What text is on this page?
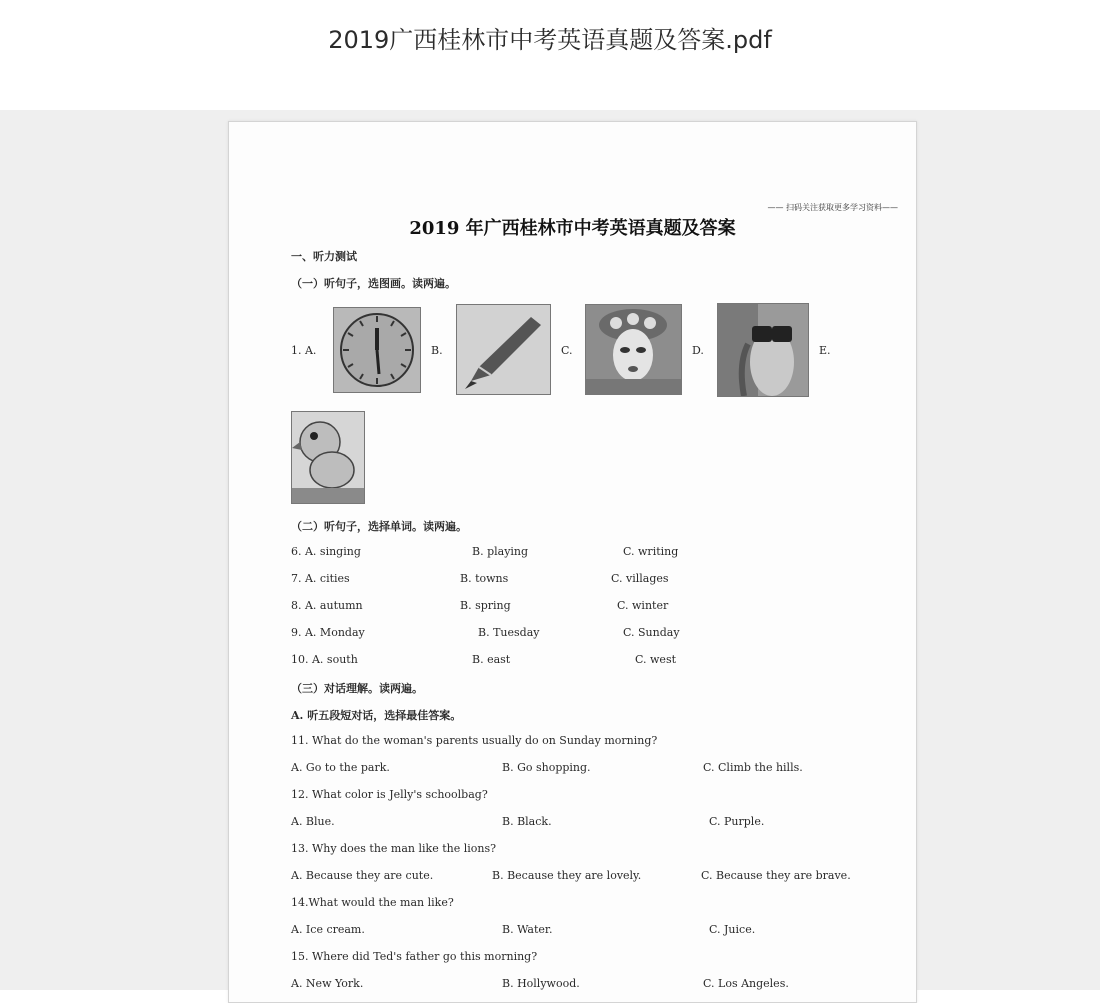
2019广西桂林市中考英语真题及答案.pdf
—— 扫码关注获取更多学习资料——
2019 年广西桂林市中考英语真题及答案
一、听力测试
（一）听句子，选图画。读两遍。
1. A.	B.	C.	D.	E.
（二）听句子，选择单词。读两遍。
6. A. singing	B. playing	C. writing
7. A. cities	B. towns	C. villages
8. A. autumn	B. spring	C. winter
9. A. Monday	B. Tuesday	C. Sunday
10. A. south	B. east	C. west
（三）对话理解。读两遍。
A. 听五段短对话，选择最佳答案。
11. What do the woman's parents usually do on Sunday morning?
A. Go to the park.	B. Go shopping.	C. Climb the hills.
12. What color is Jelly's schoolbag?
A. Blue.	B. Black.	C. Purple.
13. Why does the man like the lions?
A. Because they are cute.	B. Because they are lovely.	C. Because they are brave.
14.What would the man like?
A. Ice cream.	B. Water.	C. Juice.
15. Where did Ted's father go this morning?
A. New York.	B. Hollywood.	C. Los Angeles.
